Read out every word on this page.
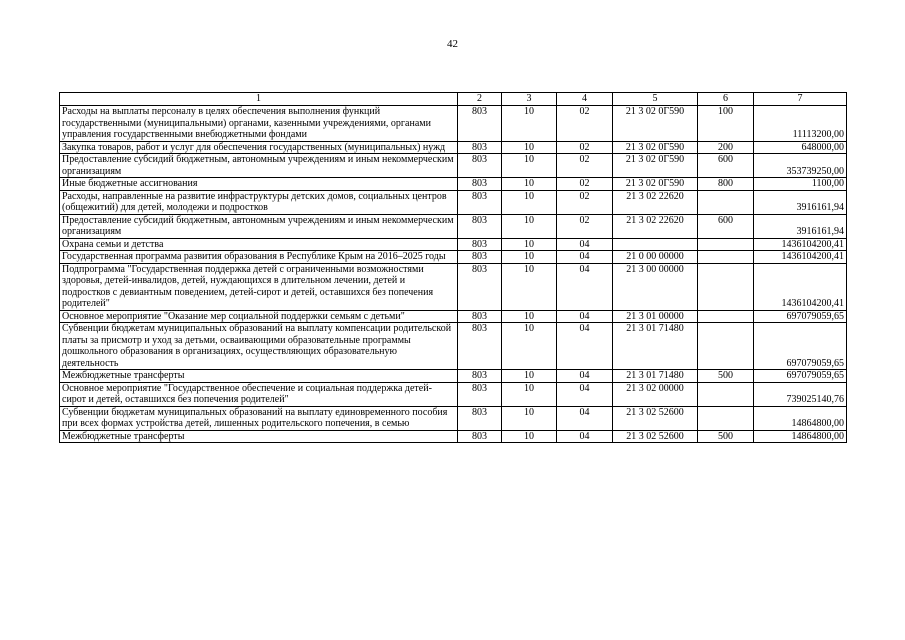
42
1	2	3	4	5	6	7
Расходы на выплаты персоналу в целях обеспечения выполнения функций государственными (муниципальными) органами, казенными учреждениями, органами управления государственными внебюджетными фондами	803	10	02	21 3 02 0Г590	100	11113200,00
Закупка товаров, работ и услуг для обеспечения государственных (муниципальных) нужд	803	10	02	21 3 02 0Г590	200	648000,00
Предоставление субсидий бюджетным, автономным учреждениям и иным некоммерческим организациям	803	10	02	21 3 02 0Г590	600	353739250,00
Иные бюджетные ассигнования	803	10	02	21 3 02 0Г590	800	1100,00
Расходы, направленные на развитие инфраструктуры детских домов, социальных центров (общежитий) для детей, молодежи и подростков	803	10	02	21 3 02 22620		3916161,94
Предоставление субсидий бюджетным, автономным учреждениям и иным некоммерческим организациям	803	10	02	21 3 02 22620	600	3916161,94
Охрана семьи и детства	803	10	04			1436104200,41
Государственная программа развития образования в Республике Крым на 2016–2025 годы	803	10	04	21 0 00 00000		1436104200,41
Подпрограмма "Государственная поддержка детей с ограниченными возможностями здоровья, детей-инвалидов, детей, нуждающихся в длительном лечении, детей и подростков с девиантным поведением, детей-сирот и детей, оставшихся без попечения родителей"	803	10	04	21 3 00 00000		1436104200,41
Основное мероприятие "Оказание мер социальной поддержки семьям с детьми"	803	10	04	21 3 01 00000		697079059,65
Субвенции бюджетам муниципальных образований на выплату компенсации родительской платы за присмотр и уход за детьми, осваивающими образовательные программы дошкольного образования в организациях, осуществляющих образовательную деятельность	803	10	04	21 3 01 71480		697079059,65
Межбюджетные трансферты	803	10	04	21 3 01 71480	500	697079059,65
Основное мероприятие "Государственное обеспечение и социальная поддержка детей-сирот и детей, оставшихся без попечения родителей"	803	10	04	21 3 02 00000		739025140,76
Субвенции бюджетам муниципальных образований на выплату единовременного пособия при всех формах устройства детей, лишенных родительского попечения, в семью	803	10	04	21 3 02 52600		14864800,00
Межбюджетные трансферты	803	10	04	21 3 02 52600	500	14864800,00
